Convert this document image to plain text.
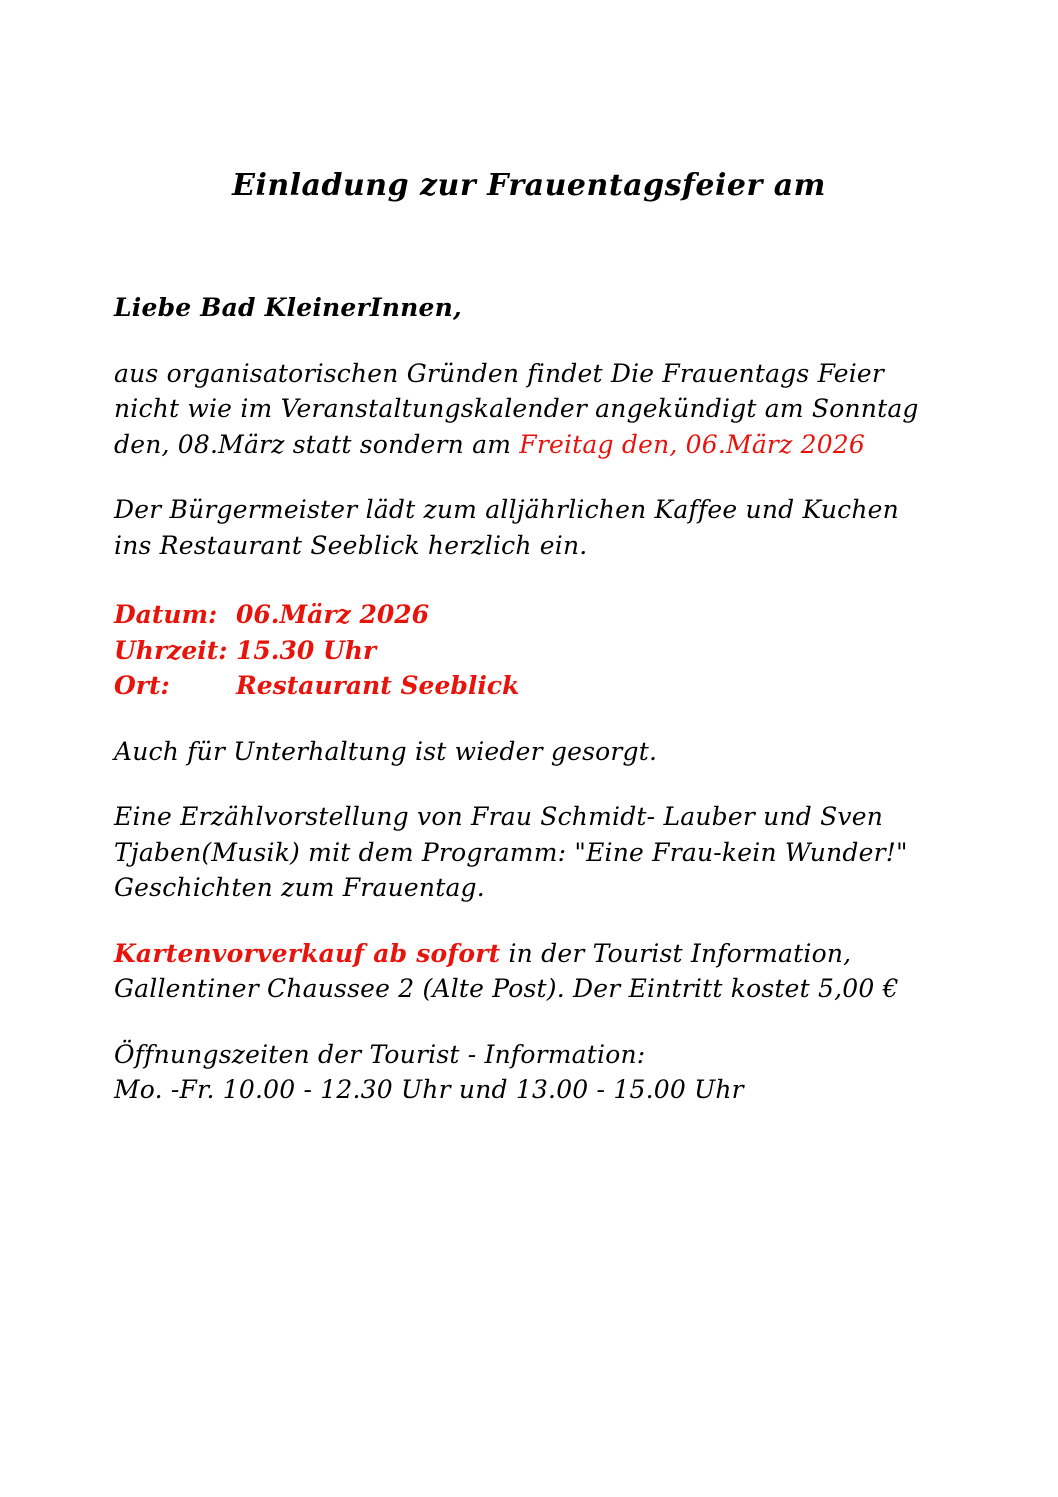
Einladung zur Frauentagsfeier am

Liebe Bad KleinerInnen,

aus organisatorischen Gründen findet Die Frauentags Feier nicht wie im Veranstaltungskalender angekündigt am Sonntag den, 08.März statt sondern am Freitag den, 06.März 2026

Der Bürgermeister lädt zum alljährlichen Kaffee und Kuchen ins Restaurant Seeblick herzlich ein.

Datum: 06.März 2026
Uhrzeit: 15.30 Uhr
Ort:	Restaurant Seeblick

Auch für Unterhaltung ist wieder gesorgt.

Eine Erzählvorstellung von Frau Schmidt- Lauber und Sven Tjaben(Musik) mit dem Programm: "Eine Frau-kein Wunder!" Geschichten zum Frauentag.

Kartenvorverkauf ab sofort in der Tourist Information, Gallentiner Chaussee 2 (Alte Post). Der Eintritt kostet 5,00 €

Öffnungszeiten der Tourist - Information:

Mo. -Fr. 10.00 - 12.30 Uhr und 13.00 - 15.00 Uhr
